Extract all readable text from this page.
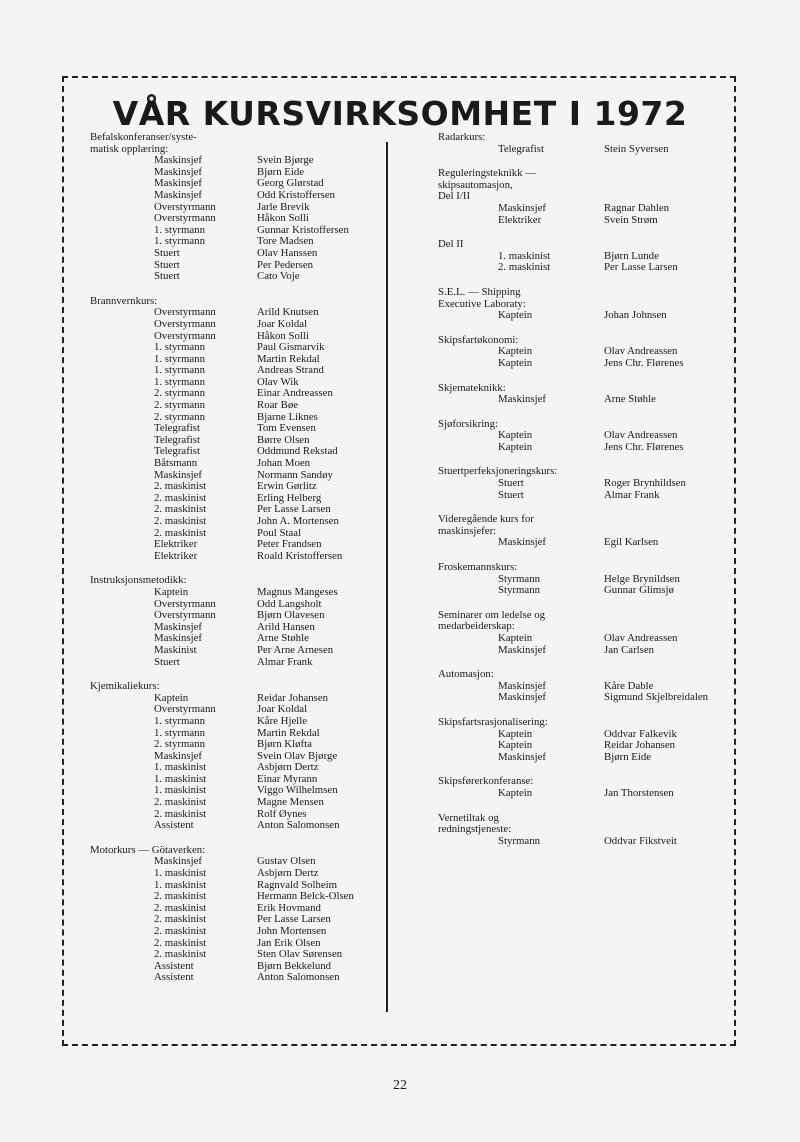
VÅR KURSVIRKSOMHET I 1972
Befalskonferanser/syste-
matisk opplæring:
Maskinsjef	Svein Bjørge
Maskinsjef	Bjørn Eide
Maskinsjef	Georg Glørstad
Maskinsjef	Odd Kristoffersen
Overstyrmann	Jarle Brevik
Overstyrmann	Håkon Solli
1. styrmann	Gunnar Kristoffersen
1. styrmann	Tore Madsen
Stuert	Olav Hanssen
Stuert	Per Pedersen
Stuert	Cato Voje
Brannvernkurs:
Overstyrmann	Arild Knutsen
Overstyrmann	Joar Koldal
Overstyrmann	Håkon Solli
1. styrmann	Paul Gismarvik
1. styrmann	Martin Rekdal
1. styrmann	Andreas Strand
1. styrmann	Olav Wik
2. styrmann	Einar Andreassen
2. styrmann	Roar Bøe
2. styrmann	Bjarne Liknes
Telegrafist	Tom Evensen
Telegrafist	Børre Olsen
Telegrafist	Oddmund Rekstad
Båtsmann	Johan Moen
Maskinsjef	Normann Sandøy
2. maskinist	Erwin Gørlitz
2. maskinist	Erling Helberg
2. maskinist	Per Lasse Larsen
2. maskinist	John A. Mortensen
2. maskinist	Poul Staal
Elektriker	Peter Frandsen
Elektriker	Roald Kristoffersen
Instruksjonsmetodikk:
Kaptein	Magnus Mangeses
Overstyrmann	Odd Langsholt
Overstyrmann	Bjørn Olavesen
Maskinsjef	Arild Hansen
Maskinsjef	Arne Støhle
Maskinist	Per Arne Arnesen
Stuert	Almar Frank
Kjemikaliekurs:
Kaptein	Reidar Johansen
Overstyrmann	Joar Koldal
1. styrmann	Kåre Hjelle
1. styrmann	Martin Rekdal
2. styrmann	Bjørn Kløfta
Maskinsjef	Svein Olav Bjørge
1. maskinist	Asbjørn Dertz
1. maskinist	Einar Myrann
1. maskinist	Viggo Wilhelmsen
2. maskinist	Magne Mensen
2. maskinist	Rolf Øynes
Assistent	Anton Salomonsen
Motorkurs — Götaverken:
Maskinsjef	Gustav Olsen
1. maskinist	Asbjørn Dertz
1. maskinist	Ragnvald Solheim
2. maskinist	Hermann Belck-Olsen
2. maskinist	Erik Hovmand
2. maskinist	Per Lasse Larsen
2. maskinist	John Mortensen
2. maskinist	Jan Erik Olsen
2. maskinist	Sten Olav Sørensen
Assistent	Bjørn Bekkelund
Assistent	Anton Salomonsen
Radarkurs:
Telegrafist	Stein Syversen
Reguleringsteknikk —
skipsautomasjon,
Del I/II
Maskinsjef	Ragnar Dahlen
Elektriker	Svein Strøm
Del II
1. maskinist	Bjørn Lunde
2. maskinist	Per Lasse Larsen
S.E.L. — Shipping
Executive Laboraty:
Kaptein	Johan Johnsen
Skipsfartøkonomi:
Kaptein	Olav Andreassen
Kaptein	Jens Chr. Flørenes
Skjemateknikk:
Maskinsjef	Arne Støhle
Sjøforsikring:
Kaptein	Olav Andreassen
Kaptein	Jens Chr. Flørenes
Stuertperfeksjoneringskurs:
Stuert	Roger Brynhildsen
Stuert	Almar Frank
Videregående kurs for
maskinsjefer:
Maskinsjef	Egil Karlsen
Froskemannskurs:
Styrmann	Helge Brynildsen
Styrmann	Gunnar Glimsjø
Seminarer om ledelse og
medarbeiderskap:
Kaptein	Olav Andreassen
Maskinsjef	Jan Carlsen
Automasjon:
Maskinsjef	Kåre Dable
Maskinsjef	Sigmund Skjelbreidalen
Skipsfartsrasjonalisering:
Kaptein	Oddvar Falkevik
Kaptein	Reidar Johansen
Maskinsjef	Bjørn Eide
Skipsførerkonferanse:
Kaptein	Jan Thorstensen
Vernetiltak og
redningstjeneste:
Styrmann	Oddvar Fikstveit
22
